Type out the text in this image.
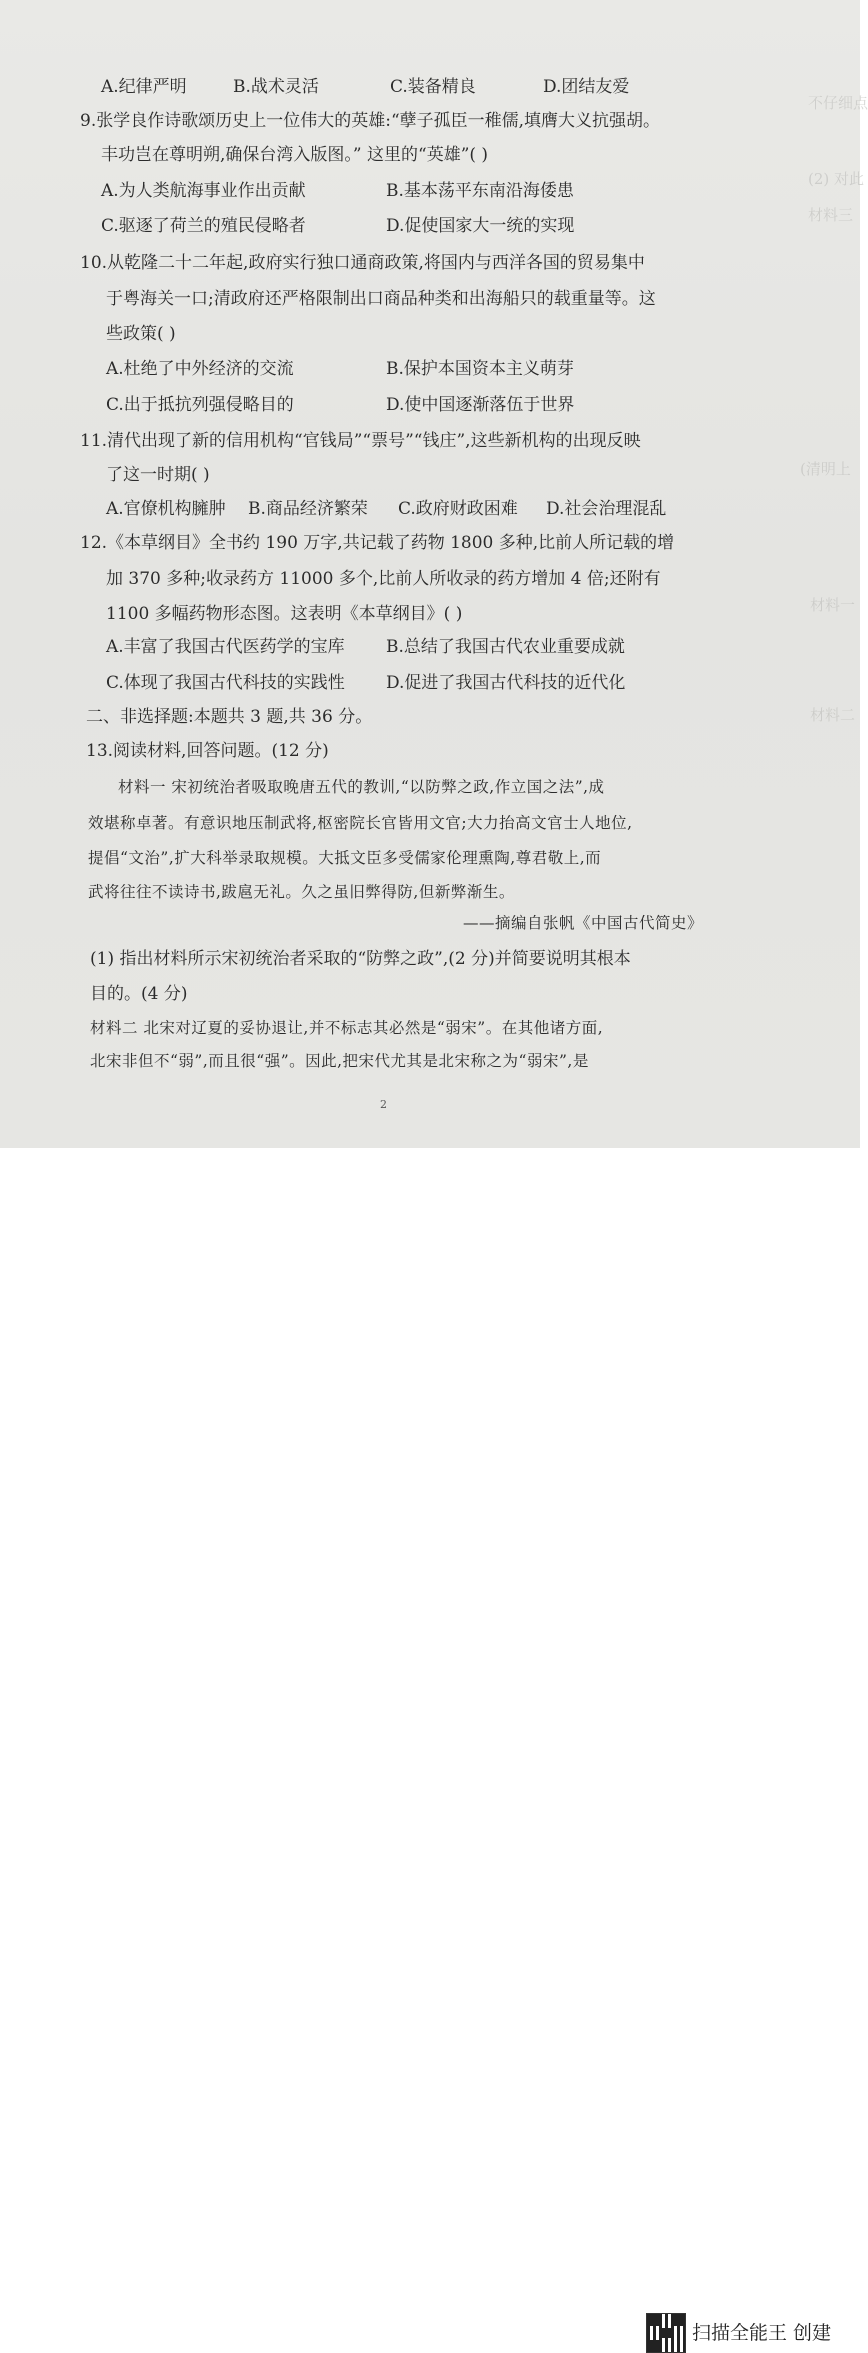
不仔细点
(2) 对此
材料三
(清明上
材料一
材料二
A.纪律严明	B.战术灵活	C.装备精良	D.团结友爱
9.张学良作诗歌颂历史上一位伟大的英雄:“孽子孤臣一稚儒,填膺大义抗强胡。
丰功岂在尊明朔,确保台湾入版图。” 这里的“英雄”( )
A.为人类航海事业作出贡献	B.基本荡平东南沿海倭患
C.驱逐了荷兰的殖民侵略者	D.促使国家大一统的实现
10.从乾隆二十二年起,政府实行独口通商政策,将国内与西洋各国的贸易集中
于粤海关一口;清政府还严格限制出口商品种类和出海船只的载重量等。这
些政策( )
A.杜绝了中外经济的交流	B.保护本国资本主义萌芽
C.出于抵抗列强侵略目的	D.使中国逐渐落伍于世界
11.清代出现了新的信用机构“官钱局”“票号”“钱庄”,这些新机构的出现反映
了这一时期( )
A.官僚机构臃肿 B.商品经济繁荣 C.政府财政困难 D.社会治理混乱
12.《本草纲目》全书约 190 万字,共记载了药物 1800 多种,比前人所记载的增
加 370 多种;收录药方 11000 多个,比前人所收录的药方增加 4 倍;还附有
1100 多幅药物形态图。这表明《本草纲目》( )
A.丰富了我国古代医药学的宝库 B.总结了我国古代农业重要成就
C.体现了我国古代科技的实践性 D.促进了我国古代科技的近代化
二、非选择题:本题共 3 题,共 36 分。
13.阅读材料,回答问题。(12 分)
材料一 宋初统治者吸取晚唐五代的教训,“以防弊之政,作立国之法”,成
效堪称卓著。有意识地压制武将,枢密院长官皆用文官;大力抬高文官士人地位,
提倡“文治”,扩大科举录取规模。大抵文臣多受儒家伦理熏陶,尊君敬上,而
武将往往不读诗书,跋扈无礼。久之虽旧弊得防,但新弊渐生。
——摘编自张帆《中国古代简史》
(1) 指出材料所示宋初统治者采取的“防弊之政”,(2 分)并简要说明其根本
目的。(4 分)
材料二 北宋对辽夏的妥协退让,并不标志其必然是“弱宋”。在其他诸方面,
北宋非但不“弱”,而且很“强”。因此,把宋代尤其是北宋称之为“弱宋”,是
2
扫描全能王 创建
